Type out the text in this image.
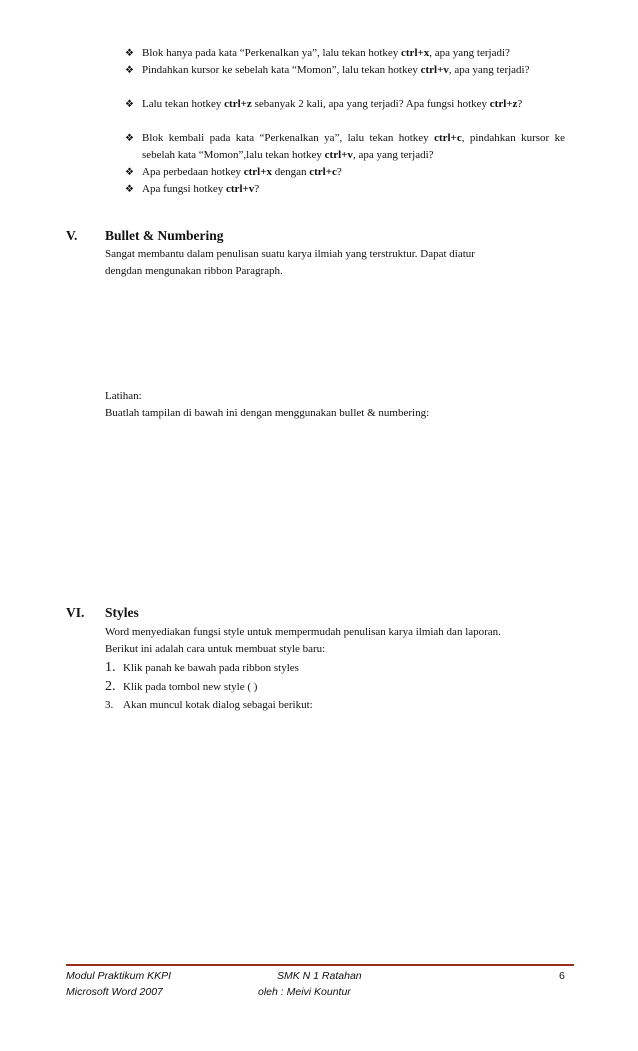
❖ Blok hanya pada kata “Perkenalkan ya”, lalu tekan hotkey ctrl+x, apa yang terjadi?
❖ Pindahkan kursor ke sebelah kata “Momon”, lalu tekan hotkey ctrl+v, apa yang terjadi?
❖ Lalu tekan hotkey ctrl+z sebanyak 2 kali, apa yang terjadi? Apa fungsi hotkey ctrl+z?
❖ Blok kembali pada kata “Perkenalkan ya”, lalu tekan hotkey ctrl+c, pindahkan kursor ke sebelah kata “Momon”,lalu tekan hotkey ctrl+v, apa yang terjadi?
❖ Apa perbedaan hotkey ctrl+x dengan ctrl+c?
❖ Apa fungsi hotkey ctrl+v?
V. Bullet & Numbering
Sangat membantu dalam penulisan suatu karya ilmiah yang terstruktur. Dapat diatur
dengdan mengunakan ribbon Paragraph.
Latihan:
Buatlah tampilan di bawah ini dengan menggunakan bullet & numbering:
VI. Styles
Word menyediakan fungsi style untuk mempermudah penulisan karya ilmiah dan laporan.
Berikut ini adalah cara untuk membuat style baru:
1. Klik panah ke bawah pada ribbon styles
2. Klik pada tombol new style ( )
3. Akan muncul kotak dialog sebagai berikut:
Modul Praktikum KKPI
Microsoft Word 2007
SMK N 1 Ratahan
oleh : Meivi Kountur
6
